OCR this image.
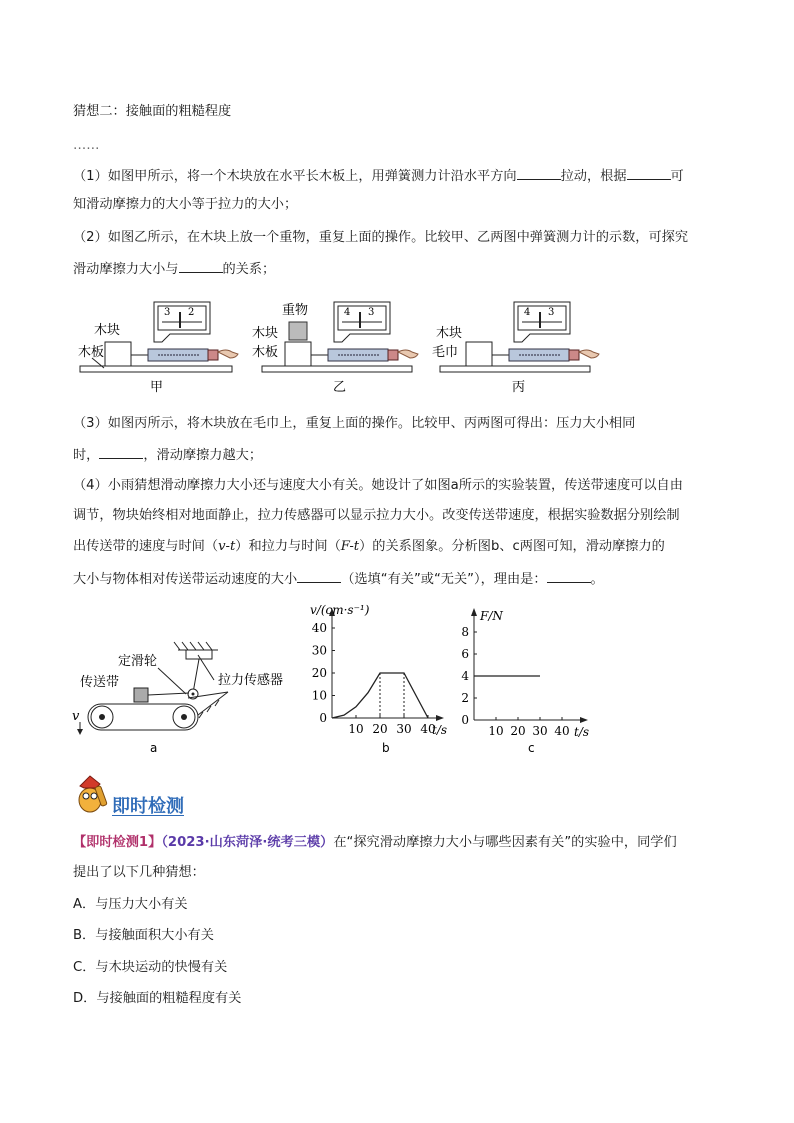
猜想二：接触面的粗糙程度
……
（1）如图甲所示，将一个木块放在水平长木板上，用弹簧测力计沿水平方向	拉动，根据	可
知滑动摩擦力的大小等于拉力的大小；
（2）如图乙所示，在木块上放一个重物，重复上面的操作。比较甲、乙两图中弹簧测力计的示数，可探究
滑动摩擦力大小与	的关系；
木块
木板
3 2
甲
重物
木块
木板
4 3
乙
木块
毛巾
4 3
丙
（3）如图丙所示，将木块放在毛巾上，重复上面的操作。比较甲、丙两图可得出：压力大小相同
时，	，滑动摩擦力越大；
（4）小雨猜想滑动摩擦力大小还与速度大小有关。她设计了如图a所示的实验装置，传送带速度可以自由
调节，物块始终相对地面静止，拉力传感器可以显示拉力大小。改变传送带速度，根据实验数据分别绘制
出传送带的速度与时间（v-t）和拉力与时间（F-t）的关系图象。分析图b、c两图可知，滑动摩擦力的
大小与物体相对传送带运动速度的大小	（选填“有关”或“无关”），理由是：	。
定滑轮
拉力传感器
传送带
v
a
v/(cm·s⁻¹)
t/s
40
30
20
10
0
10 20 30 40
b
F/N
t/s
8
6
4
2
0
10 20 30 40
c
即时检测
【即时检测1】（2023·山东菏泽·统考三模）在“探究滑动摩擦力大小与哪些因素有关”的实验中，同学们
提出了以下几种猜想：
A．与压力大小有关
B．与接触面积大小有关
C．与木块运动的快慢有关
D．与接触面的粗糙程度有关
